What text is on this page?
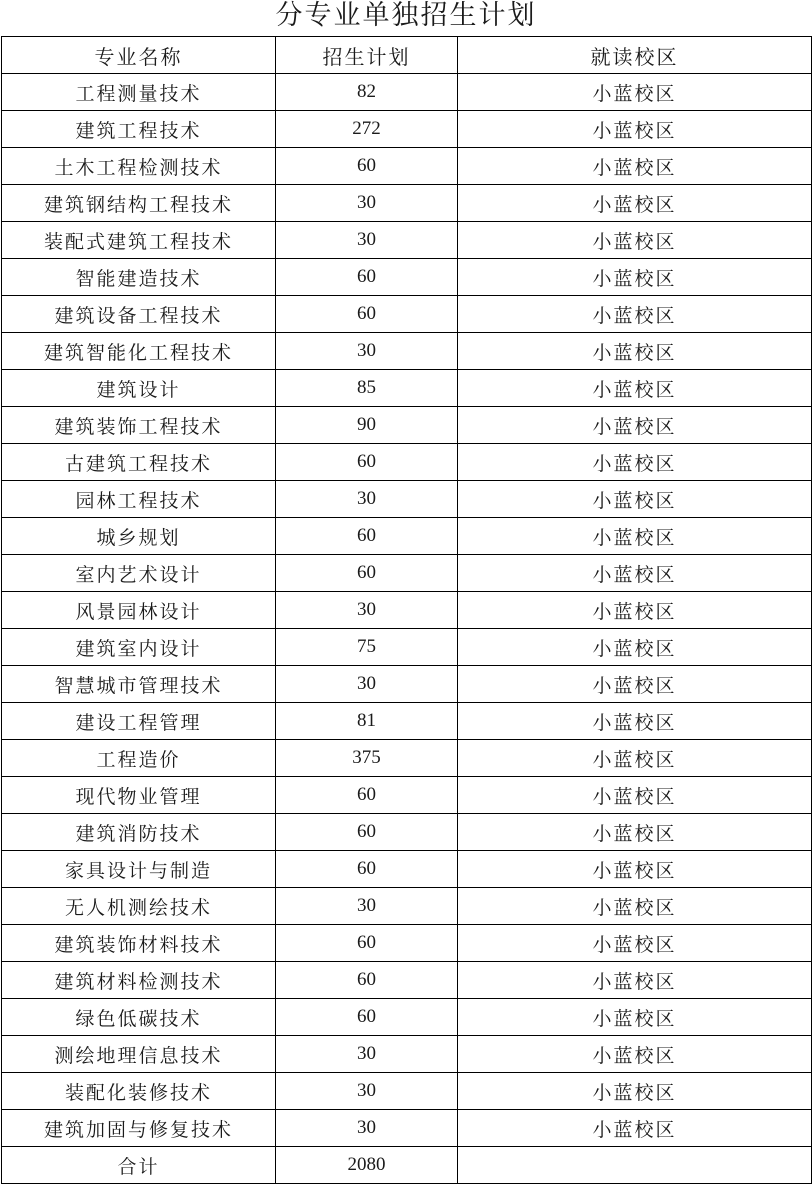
分专业单独招生计划
专业名称	招生计划	就读校区
工程测量技术	82	小蓝校区
建筑工程技术	272	小蓝校区
土木工程检测技术	60	小蓝校区
建筑钢结构工程技术	30	小蓝校区
装配式建筑工程技术	30	小蓝校区
智能建造技术	60	小蓝校区
建筑设备工程技术	60	小蓝校区
建筑智能化工程技术	30	小蓝校区
建筑设计	85	小蓝校区
建筑装饰工程技术	90	小蓝校区
古建筑工程技术	60	小蓝校区
园林工程技术	30	小蓝校区
城乡规划	60	小蓝校区
室内艺术设计	60	小蓝校区
风景园林设计	30	小蓝校区
建筑室内设计	75	小蓝校区
智慧城市管理技术	30	小蓝校区
建设工程管理	81	小蓝校区
工程造价	375	小蓝校区
现代物业管理	60	小蓝校区
建筑消防技术	60	小蓝校区
家具设计与制造	60	小蓝校区
无人机测绘技术	30	小蓝校区
建筑装饰材料技术	60	小蓝校区
建筑材料检测技术	60	小蓝校区
绿色低碳技术	60	小蓝校区
测绘地理信息技术	30	小蓝校区
装配化装修技术	30	小蓝校区
建筑加固与修复技术	30	小蓝校区
合计	2080	
